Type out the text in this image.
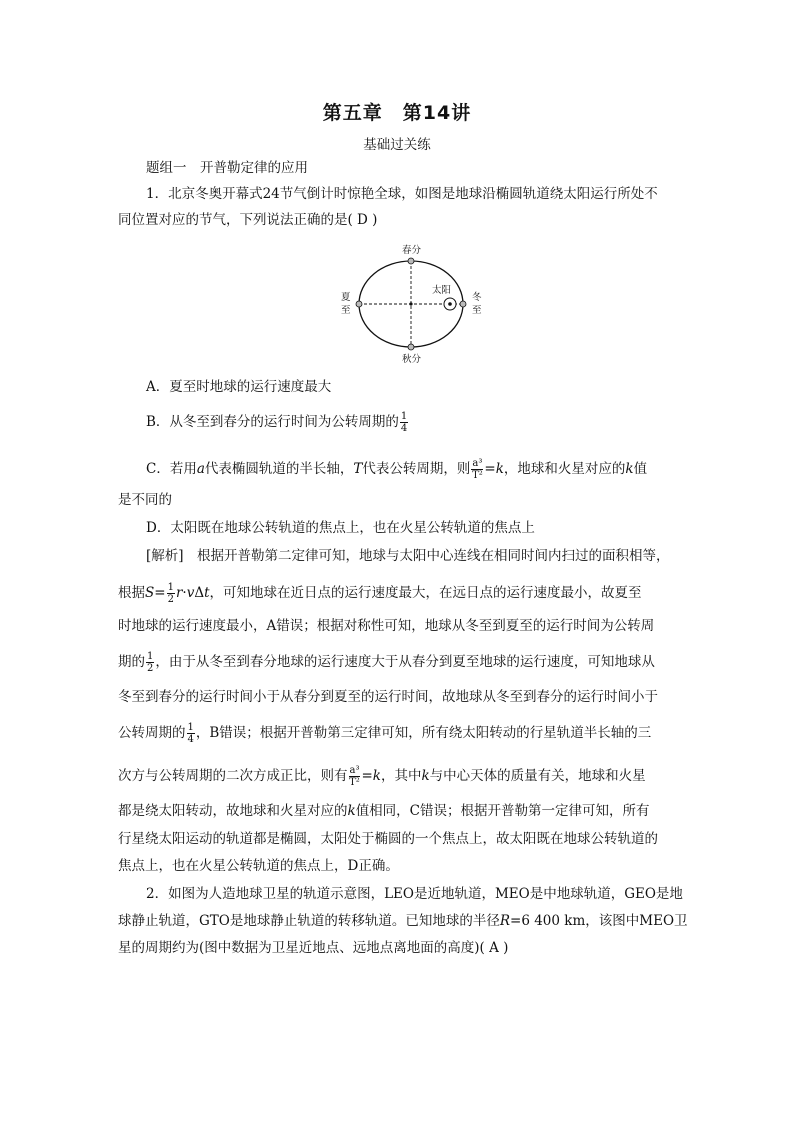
第五章　第14讲
基础过关练
题组一　开普勒定律的应用
1．北京冬奥开幕式24节气倒计时惊艳全球，如图是地球沿椭圆轨道绕太阳运行所处不
同位置对应的节气，下列说法正确的是( D )
春分
秋分
夏
至
冬
至
太阳
A．夏至时地球的运行速度最大
B．从冬至到春分的运行时间为公转周期的 $\frac{1}{4}$
C．若用a代表椭圆轨道的半长轴，T代表公转周期，则 $\frac{\text{a³}}{\text{T²}} =k$，地球和火星对应的k值
是不同的
D．太阳既在地球公转轨道的焦点上，也在火星公转轨道的焦点上
[解析]　根据开普勒第二定律可知，地球与太阳中心连线在相同时间内扫过的面积相等，
根据$S= \frac{1}{2} r\cdot v\Delta t$，可知地球在近日点的运行速度最大，在远日点的运行速度最小，故夏至
时地球的运行速度最小，A错误；根据对称性可知，地球从冬至到夏至的运行时间为公转周
期的 $\frac{1}{2}$ ，由于从冬至到春分地球的运行速度大于从春分到夏至地球的运行速度，可知地球从
冬至到春分的运行时间小于从春分到夏至的运行时间，故地球从冬至到春分的运行时间小于
公转周期的 $\frac{1}{4}$ ，B错误；根据开普勒第三定律可知，所有绕太阳转动的行星轨道半长轴的三
次方与公转周期的二次方成正比，则有 $\frac{\text{a³}}{\text{T²}} =k$，其中k与中心天体的质量有关，地球和火星
都是绕太阳转动，故地球和火星对应的k值相同，C错误；根据开普勒第一定律可知，所有
行星绕太阳运动的轨道都是椭圆，太阳处于椭圆的一个焦点上，故太阳既在地球公转轨道的
焦点上，也在火星公转轨道的焦点上，D正确。
2．如图为人造地球卫星的轨道示意图，LEO是近地轨道，MEO是中地球轨道，GEO是地
球静止轨道，GTO是地球静止轨道的转移轨道。已知地球的半径R=6 400 km，该图中MEO卫
星的周期约为(图中数据为卫星近地点、远地点离地面的高度)( A )
